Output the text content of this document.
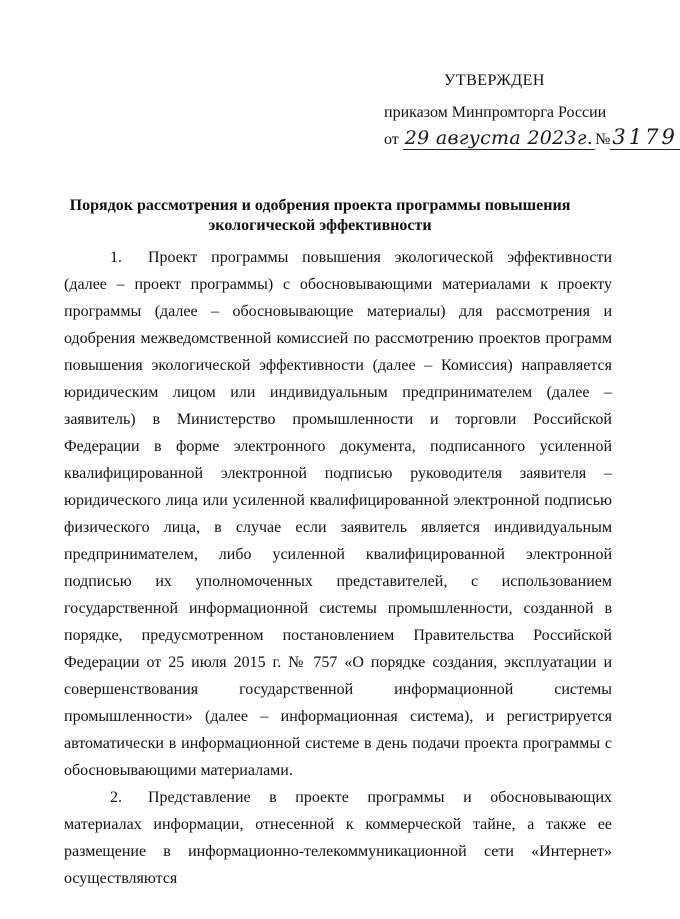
УТВЕРЖДЕН
приказом Минпромторга России
от 29 августа 2023г. №3179
Порядок рассмотрения и одобрения проекта программы повышения экологической эффективности

1. Проект программы повышения экологической эффективности (далее – проект программы) с обосновывающими материалами к проекту программы (далее – обосновывающие материалы) для рассмотрения и одобрения межведомственной комиссией по рассмотрению проектов программ повышения экологической эффективности (далее – Комиссия) направляется юридическим лицом или индивидуальным предпринимателем (далее – заявитель) в Министерство промышленности и торговли Российской Федерации в форме электронного документа, подписанного усиленной квалифицированной электронной подписью руководителя заявителя – юридического лица или усиленной квалифицированной электронной подписью физического лица, в случае если заявитель является индивидуальным предпринимателем, либо усиленной квалифицированной электронной подписью их уполномоченных представителей, с использованием государственной информационной системы промышленности, созданной в порядке, предусмотренном постановлением Правительства Российской Федерации от 25 июля 2015 г. № 757 «О порядке создания, эксплуатации и совершенствования государственной информационной системы промышленности» (далее – информационная система), и регистрируется автоматически в информационной системе в день подачи проекта программы с обосновывающими материалами.

2. Представление в проекте программы и обосновывающих материалах информации, отнесенной к коммерческой тайне, а также ее размещение в информационно-телекоммуникационной сети «Интернет» осуществляются
